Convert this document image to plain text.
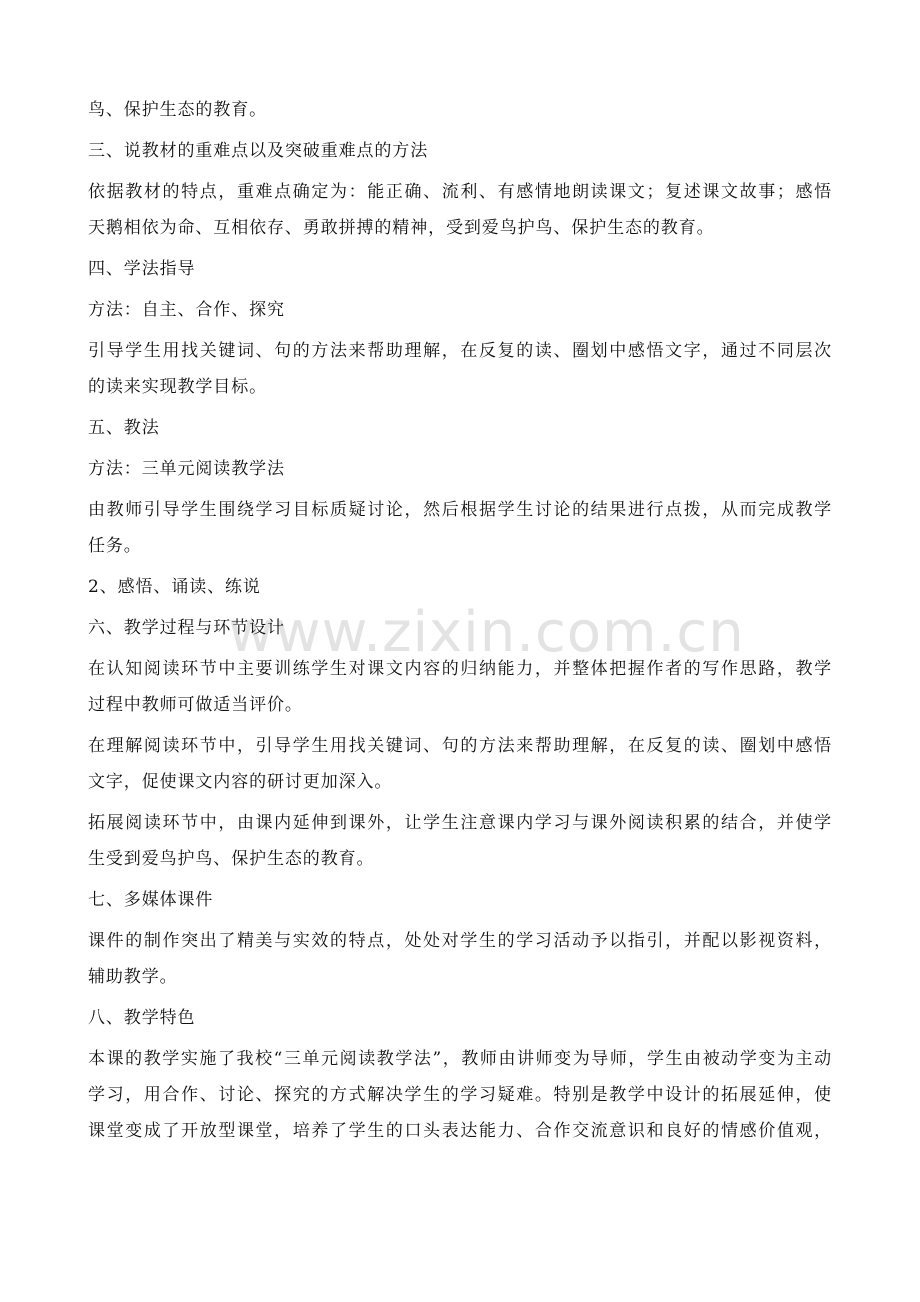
www.zixin.com.cn

鸟、保护生态的教育。

三、说教材的重难点以及突破重难点的方法

依据教材的特点，重难点确定为：能正确、流利、有感情地朗读课文；复述课文故事；感悟

天鹅相依为命、互相依存、勇敢拼搏的精神，受到爱鸟护鸟、保护生态的教育。

四、学法指导

方法：自主、合作、探究

引导学生用找关键词、句的方法来帮助理解，在反复的读、圈划中感悟文字，通过不同层次

的读来实现教学目标。

五、教法

方法：三单元阅读教学法

由教师引导学生围绕学习目标质疑讨论，然后根据学生讨论的结果进行点拨，从而完成教学

任务。

2、感悟、诵读、练说

六、教学过程与环节设计

在认知阅读环节中主要训练学生对课文内容的归纳能力，并整体把握作者的写作思路，教学

过程中教师可做适当评价。

在理解阅读环节中，引导学生用找关键词、句的方法来帮助理解，在反复的读、圈划中感悟

文字，促使课文内容的研讨更加深入。

拓展阅读环节中，由课内延伸到课外，让学生注意课内学习与课外阅读积累的结合，并使学

生受到爱鸟护鸟、保护生态的教育。

七、多媒体课件

课件的制作突出了精美与实效的特点，处处对学生的学习活动予以指引，并配以影视资料，

辅助教学。

八、教学特色

本课的教学实施了我校“三单元阅读教学法”，教师由讲师变为导师，学生由被动学变为主动

学习，用合作、讨论、探究的方式解决学生的学习疑难。特别是教学中设计的拓展延伸，使

课堂变成了开放型课堂，培养了学生的口头表达能力、合作交流意识和良好的情感价值观，
